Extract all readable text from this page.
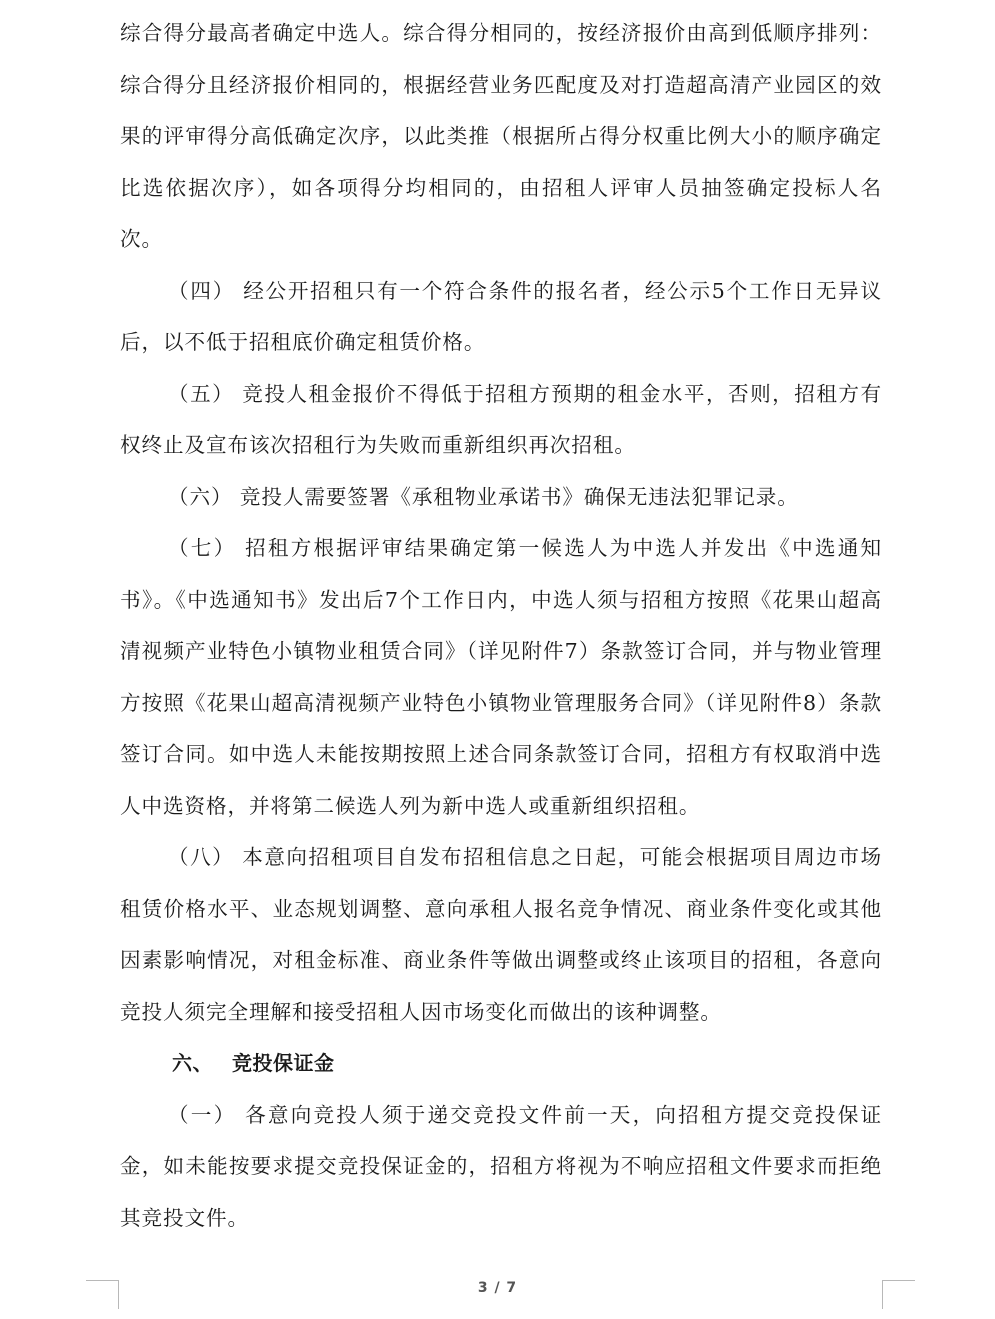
综合得分最高者确定中选人。综合得分相同的，按经济报价由高到低顺序排列：综合得分且经济报价相同的，根据经营业务匹配度及对打造超高清产业园区的效果的评审得分高低确定次序，以此类推（根据所占得分权重比例大小的顺序确定比选依据次序），如各项得分均相同的，由招租人评审人员抽签确定投标人名次。

（四） 经公开招租只有一个符合条件的报名者，经公示5个工作日无异议后，以不低于招租底价确定租赁价格。

（五） 竞投人租金报价不得低于招租方预期的租金水平，否则，招租方有权终止及宣布该次招租行为失败而重新组织再次招租。

（六） 竞投人需要签署《承租物业承诺书》确保无违法犯罪记录。

（七） 招租方根据评审结果确定第一候选人为中选人并发出《中选通知书》。《中选通知书》发出后7个工作日内，中选人须与招租方按照《花果山超高清视频产业特色小镇物业租赁合同》（详见附件7）条款签订合同，并与物业管理方按照《花果山超高清视频产业特色小镇物业管理服务合同》（详见附件8）条款签订合同。如中选人未能按期按照上述合同条款签订合同，招租方有权取消中选人中选资格，并将第二候选人列为新中选人或重新组织招租。

（八） 本意向招租项目自发布招租信息之日起，可能会根据项目周边市场租赁价格水平、业态规划调整、意向承租人报名竞争情况、商业条件变化或其他因素影响情况，对租金标准、商业条件等做出调整或终止该项目的招租，各意向竞投人须完全理解和接受招租人因市场变化而做出的该种调整。

六、 竞投保证金

（一） 各意向竞投人须于递交竞投文件前一天，向招租方提交竞投保证金，如未能按要求提交竞投保证金的，招租方将视为不响应招租文件要求而拒绝其竞投文件。

3 / 7
